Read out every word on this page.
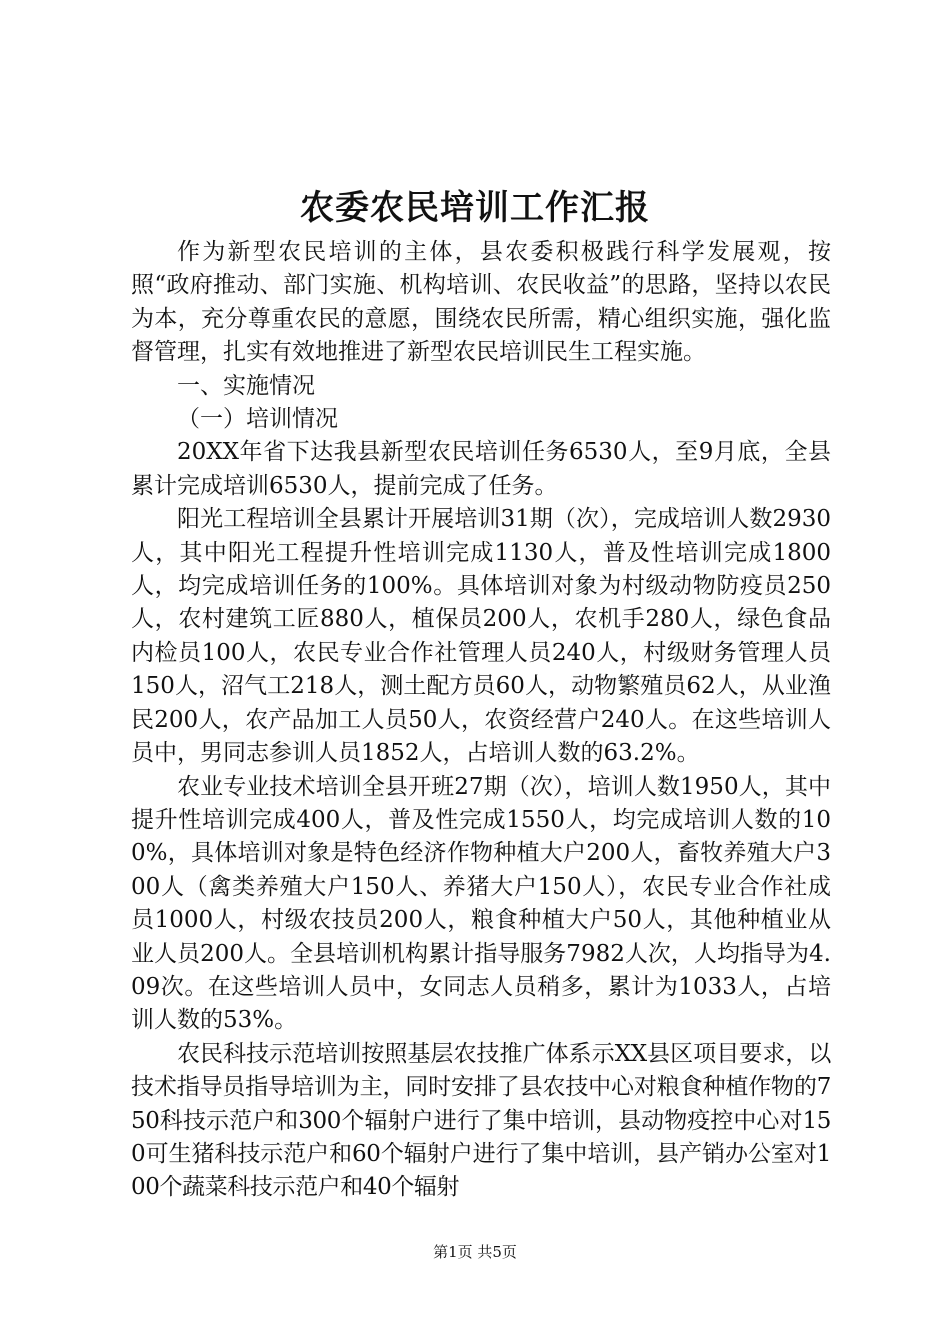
农委农民培训工作汇报

作为新型农民培训的主体，县农委积极践行科学发展观，按照“政府推动、部门实施、机构培训、农民收益”的思路，坚持以农民为本，充分尊重农民的意愿，围绕农民所需，精心组织实施，强化监督管理，扎实有效地推进了新型农民培训民生工程实施。

一、实施情况

（一）培训情况

20XX年省下达我县新型农民培训任务6530人，至9月底，全县累计完成培训6530人，提前完成了任务。

阳光工程培训全县累计开展培训31期（次），完成培训人数2930人，其中阳光工程提升性培训完成1130人，普及性培训完成1800人，均完成培训任务的100%。具体培训对象为村级动物防疫员250人，农村建筑工匠880人，植保员200人，农机手280人，绿色食品内检员100人，农民专业合作社管理人员240人，村级财务管理人员150人，沼气工218人，测土配方员60人，动物繁殖员62人，从业渔民200人，农产品加工人员50人，农资经营户240人。在这些培训人员中，男同志参训人员1852人，占培训人数的63.2%。

农业专业技术培训全县开班27期（次），培训人数1950人，其中提升性培训完成400人，普及性完成1550人，均完成培训人数的100%，具体培训对象是特色经济作物种植大户200人，畜牧养殖大户300人（禽类养殖大户150人、养猪大户150人），农民专业合作社成员1000人，村级农技员200人，粮食种植大户50人，其他种植业从业人员200人。全县培训机构累计指导服务7982人次，人均指导为4.09次。在这些培训人员中，女同志人员稍多，累计为1033人，占培训人数的53%。

农民科技示范培训按照基层农技推广体系示XX县区项目要求，以技术指导员指导培训为主，同时安排了县农技中心对粮食种植作物的750科技示范户和300个辐射户进行了集中培训，县动物疫控中心对150可生猪科技示范户和60个辐射户进行了集中培训，县产销办公室对100个蔬菜科技示范户和40个辐射

第1页 共5页
